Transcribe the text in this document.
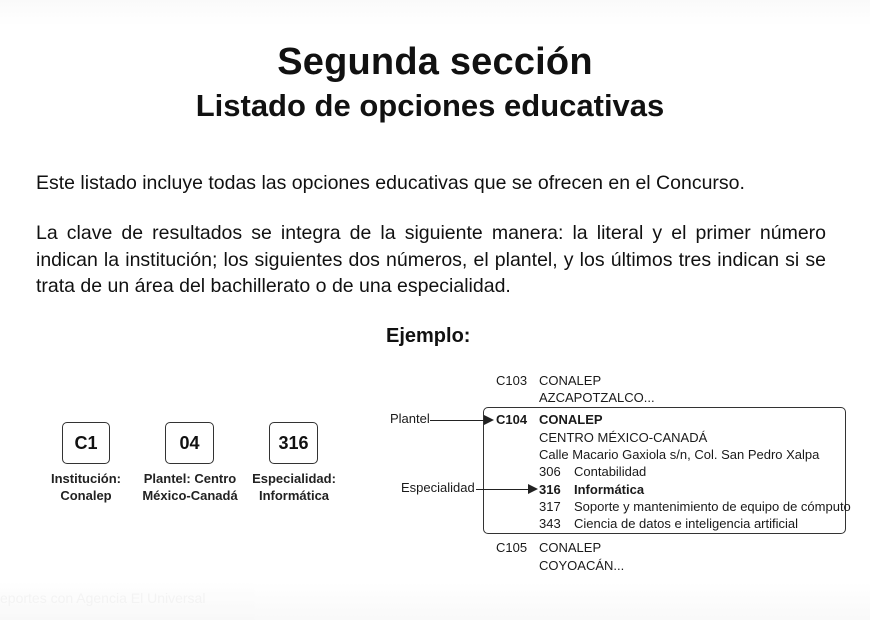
eportes con Agencia El Universal
Segunda sección
Listado de opciones educativas
Este listado incluye todas las opciones educativas que se ofrecen en el Concurso.
La clave de resultados se integra de la siguiente manera: la literal y el primer número indican la institución; los siguientes dos números, el plantel, y los últimos tres indican si se trata de un área del bachillerato o de una especialidad.
Ejemplo:
C1
Institución:
Conalep
04
Plantel: Centro
México-Canadá
316
Especialidad:
Informática
C103 CONALEP
AZCAPOTZALCO...
C104 CONALEP
CENTRO MÉXICO-CANADÁ
Calle Macario Gaxiola s/n, Col. San Pedro Xalpa
306 Contabilidad
316 Informática
317 Soporte y mantenimiento de equipo de cómputo
343 Ciencia de datos e inteligencia artificial
C105 CONALEP
COYOACÁN...
Plantel
Especialidad
